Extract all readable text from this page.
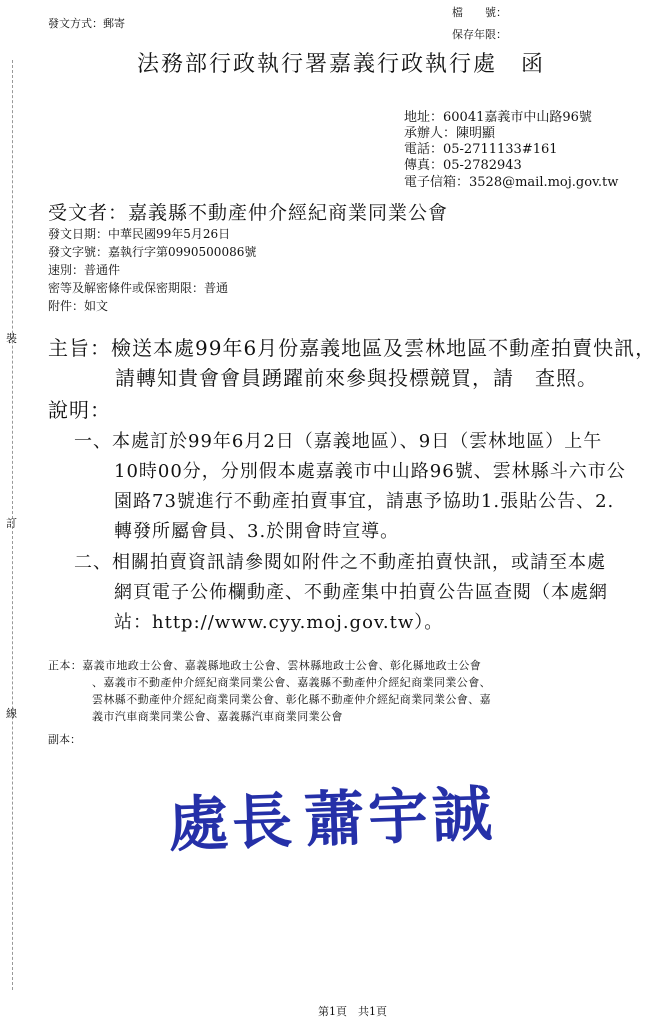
裝
訂
線
發文方式：郵寄
檔　　號：
保存年限：
法務部行政執行署嘉義行政執行處　函
地址：60041嘉義市中山路96號
承辦人：陳明顯
電話：05-2711133#161
傳真：05-2782943
電子信箱：3528@mail.moj.gov.tw
受文者：嘉義縣不動產仲介經紀商業同業公會
發文日期：中華民國99年5月26日
發文字號：嘉執行字第0990500086號
速別：普通件
密等及解密條件或保密期限：普通
附件：如文
主旨：檢送本處99年6月份嘉義地區及雲林地區不動產拍賣快訊，
請轉知貴會會員踴躍前來參與投標競買，請　查照。
說明：
一、本處訂於99年6月2日（嘉義地區）、9日（雲林地區）上午
10時00分，分別假本處嘉義市中山路96號、雲林縣斗六市公
園路73號進行不動產拍賣事宜，請惠予協助1.張貼公告、2.
轉發所屬會員、3.於開會時宣導。
二、相關拍賣資訊請參閱如附件之不動產拍賣快訊，或請至本處
網頁電子公佈欄動產、不動產集中拍賣公告區查閱（本處網
站：http://www.cyy.moj.gov.tw）。
正本：嘉義市地政士公會、嘉義縣地政士公會、雲林縣地政士公會、彰化縣地政士公會
、嘉義市不動產仲介經紀商業同業公會、嘉義縣不動產仲介經紀商業同業公會、
雲林縣不動產仲介經紀商業同業公會、彰化縣不動產仲介經紀商業同業公會、嘉
義市汽車商業同業公會、嘉義縣汽車商業同業公會
副本：
處長蕭宇誠
第1頁　共1頁
